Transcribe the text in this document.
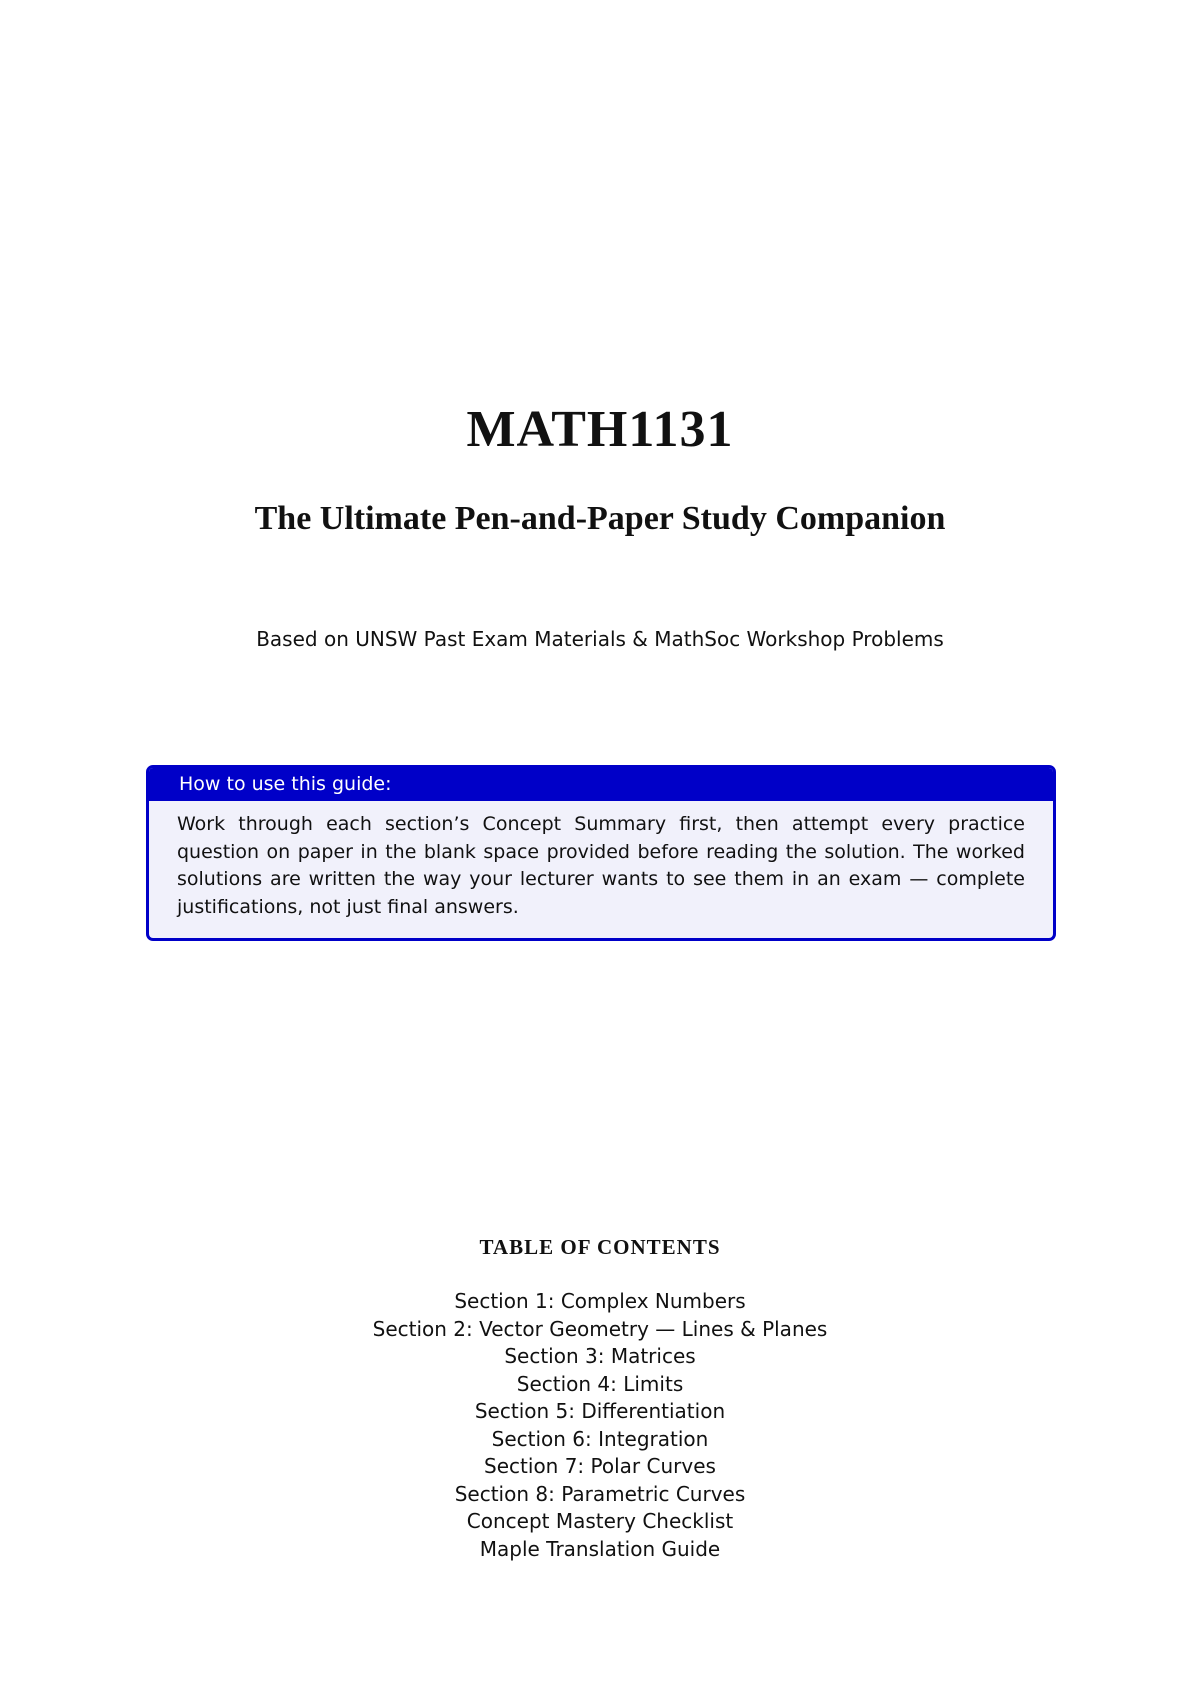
MATH1131
The Ultimate Pen-and-Paper Study Companion

Based on UNSW Past Exam Materials & MathSoc Workshop Problems

How to use this guide:
Work through each section’s Concept Summary first, then attempt every practice question on paper in the blank space provided before reading the solution. The worked solutions are written the way your lecturer wants to see them in an exam — complete justifications, not just final answers.
TABLE OF CONTENTS
Section 1: Complex Numbers
Section 2: Vector Geometry — Lines & Planes
Section 3: Matrices
Section 4: Limits
Section 5: Differentiation
Section 6: Integration
Section 7: Polar Curves
Section 8: Parametric Curves
Concept Mastery Checklist
Maple Translation Guide
